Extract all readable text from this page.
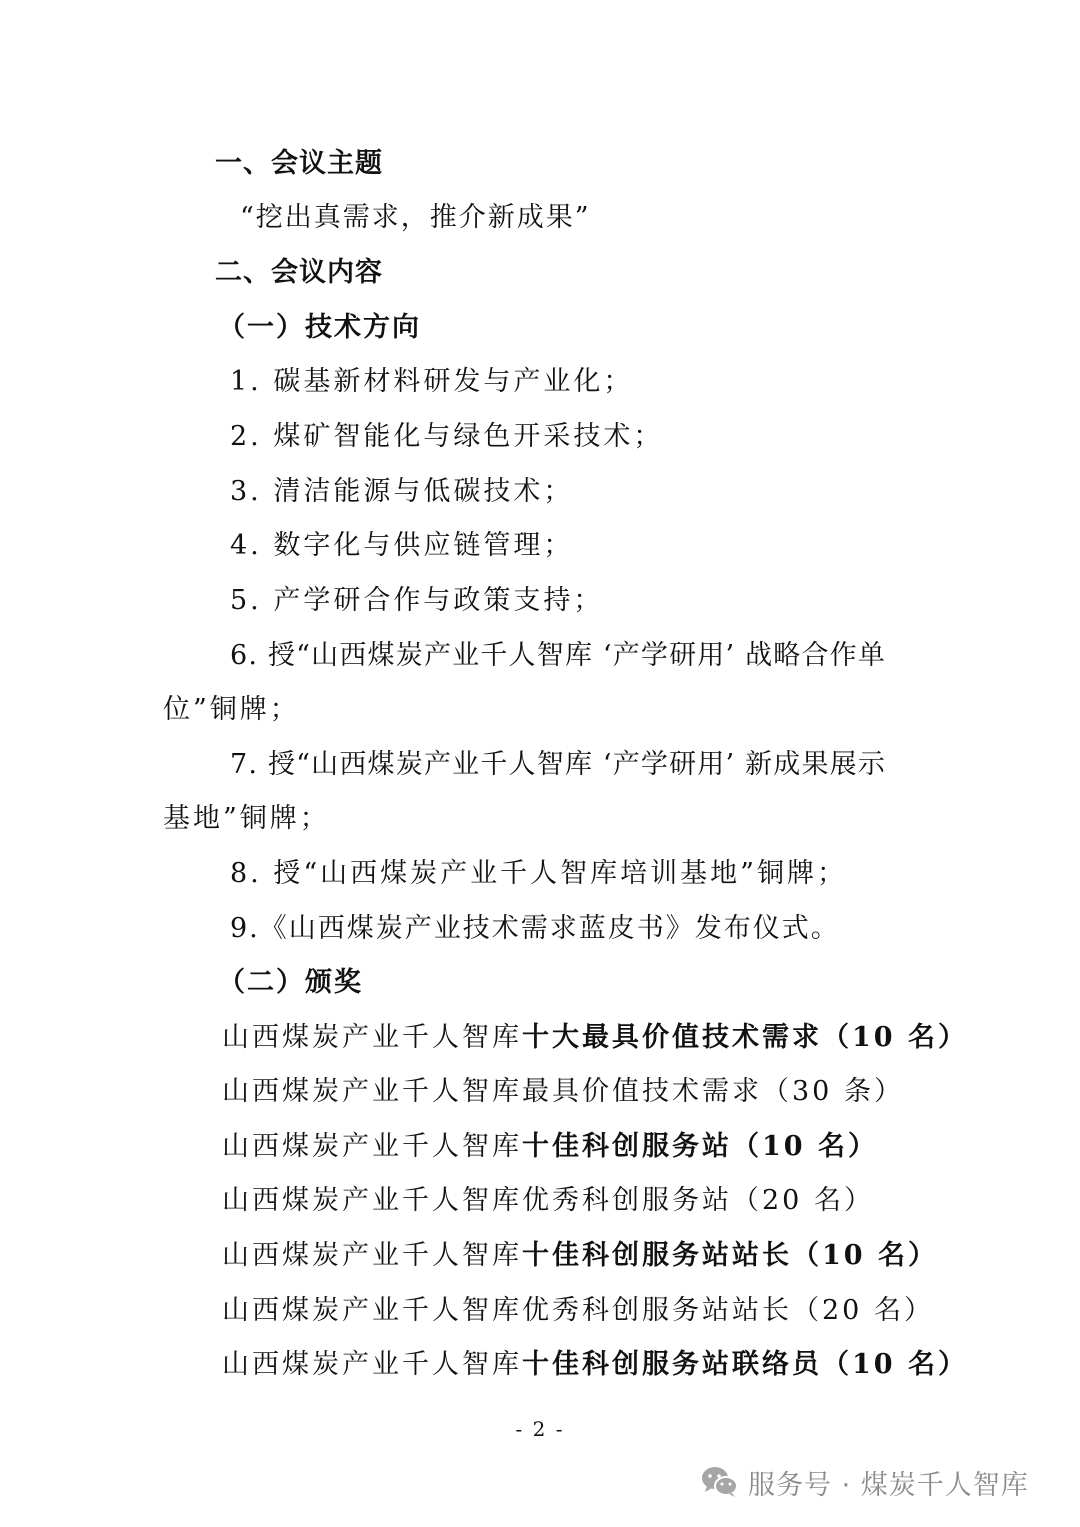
一、会议主题
“挖出真需求，推介新成果”
二、会议内容
（一）技术方向
1. 碳基新材料研发与产业化；
2. 煤矿智能化与绿色开采技术；
3. 清洁能源与低碳技术；
4. 数字化与供应链管理；
5. 产学研合作与政策支持；
6. 授“山西煤炭产业千人智库 ‘产学研用’ 战略合作单
位”铜牌；
7. 授“山西煤炭产业千人智库 ‘产学研用’ 新成果展示
基地”铜牌；
8. 授“山西煤炭产业千人智库培训基地”铜牌；
9.《山西煤炭产业技术需求蓝皮书》发布仪式。
（二）颁奖
山西煤炭产业千人智库十大最具价值技术需求（10 名）
山西煤炭产业千人智库最具价值技术需求（30 条）
山西煤炭产业千人智库十佳科创服务站（10 名）
山西煤炭产业千人智库优秀科创服务站（20 名）
山西煤炭产业千人智库十佳科创服务站站长（10 名）
山西煤炭产业千人智库优秀科创服务站站长（20 名）
山西煤炭产业千人智库十佳科创服务站联络员（10 名）
- 2 -
服务号 · 煤炭千人智库
